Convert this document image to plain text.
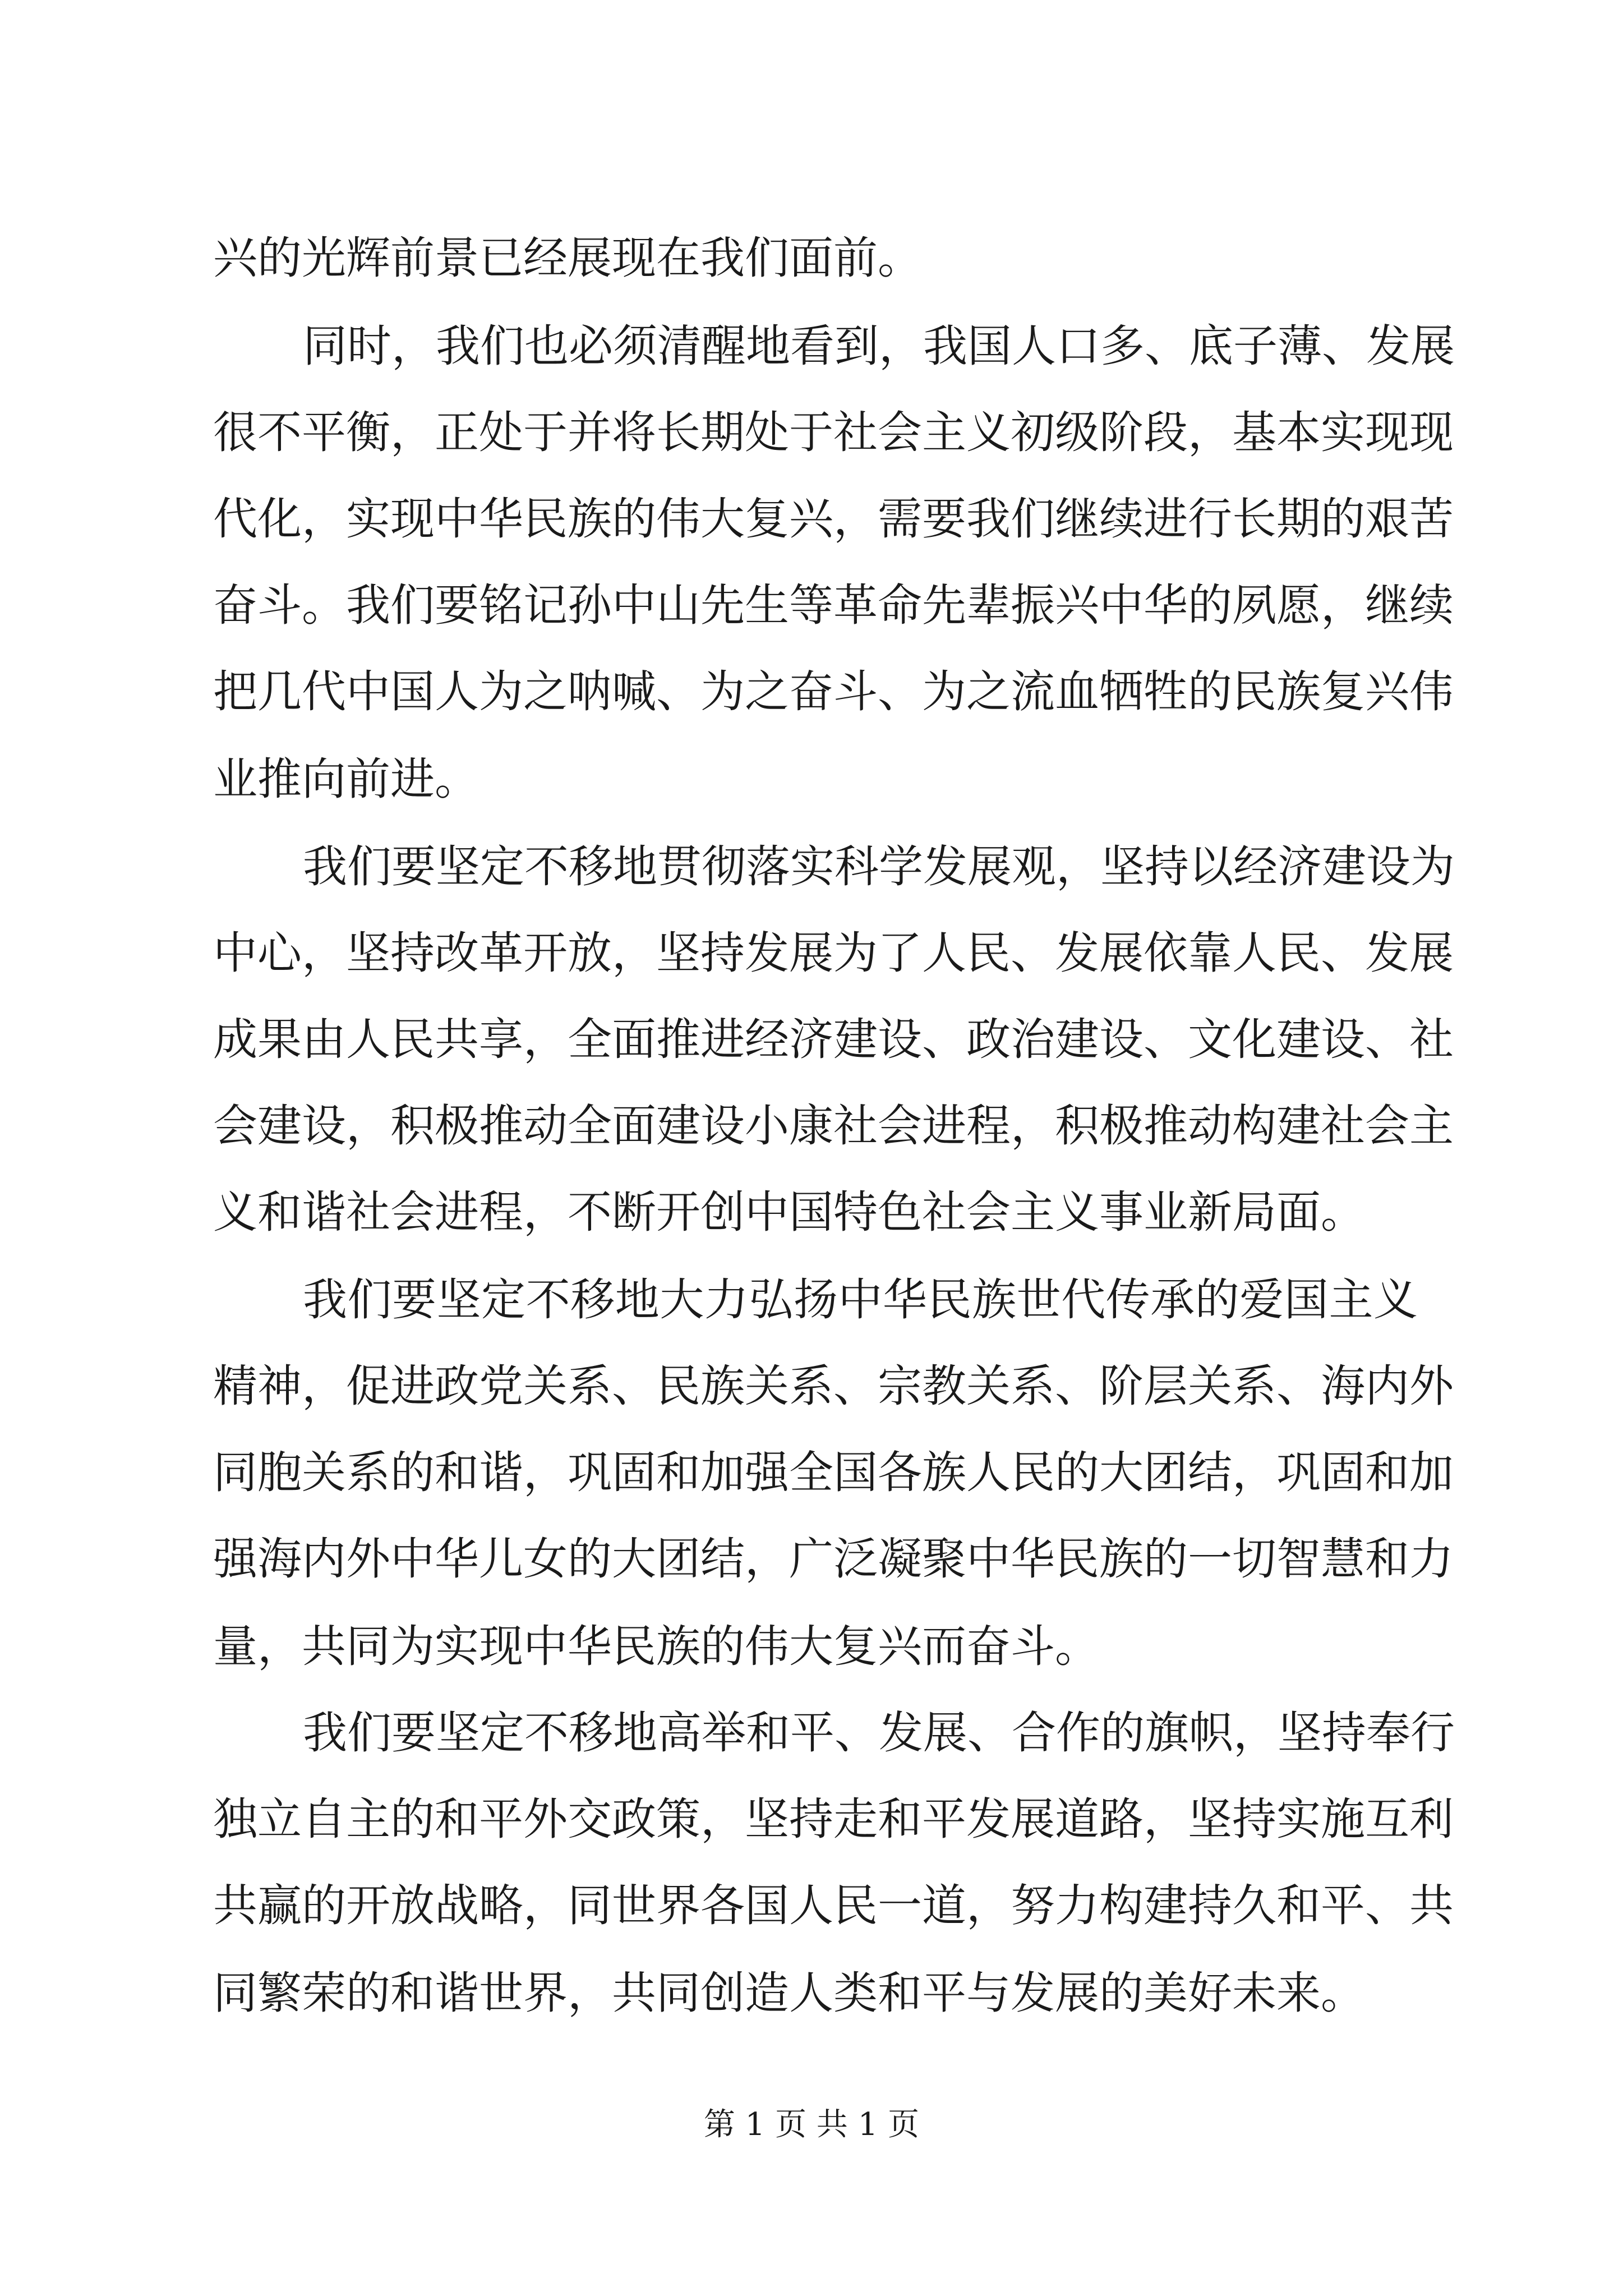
兴的光辉前景已经展现在我们面前。
同时，我们也必须清醒地看到，我国人口多、底子薄、发展
很不平衡，正处于并将长期处于社会主义初级阶段，基本实现现
代化，实现中华民族的伟大复兴，需要我们继续进行长期的艰苦
奋斗。我们要铭记孙中山先生等革命先辈振兴中华的夙愿，继续
把几代中国人为之呐喊、为之奋斗、为之流血牺牲的民族复兴伟
业推向前进。
我们要坚定不移地贯彻落实科学发展观，坚持以经济建设为
中心，坚持改革开放，坚持发展为了人民、发展依靠人民、发展
成果由人民共享，全面推进经济建设、政治建设、文化建设、社
会建设，积极推动全面建设小康社会进程，积极推动构建社会主
义和谐社会进程，不断开创中国特色社会主义事业新局面。
我们要坚定不移地大力弘扬中华民族世代传承的爱国主义
精神，促进政党关系、民族关系、宗教关系、阶层关系、海内外
同胞关系的和谐，巩固和加强全国各族人民的大团结，巩固和加
强海内外中华儿女的大团结，广泛凝聚中华民族的一切智慧和力
量，共同为实现中华民族的伟大复兴而奋斗。
我们要坚定不移地高举和平、发展、合作的旗帜，坚持奉行
独立自主的和平外交政策，坚持走和平发展道路，坚持实施互利
共赢的开放战略，同世界各国人民一道，努力构建持久和平、共
同繁荣的和谐世界，共同创造人类和平与发展的美好未来。
第 1 页 共 1 页
